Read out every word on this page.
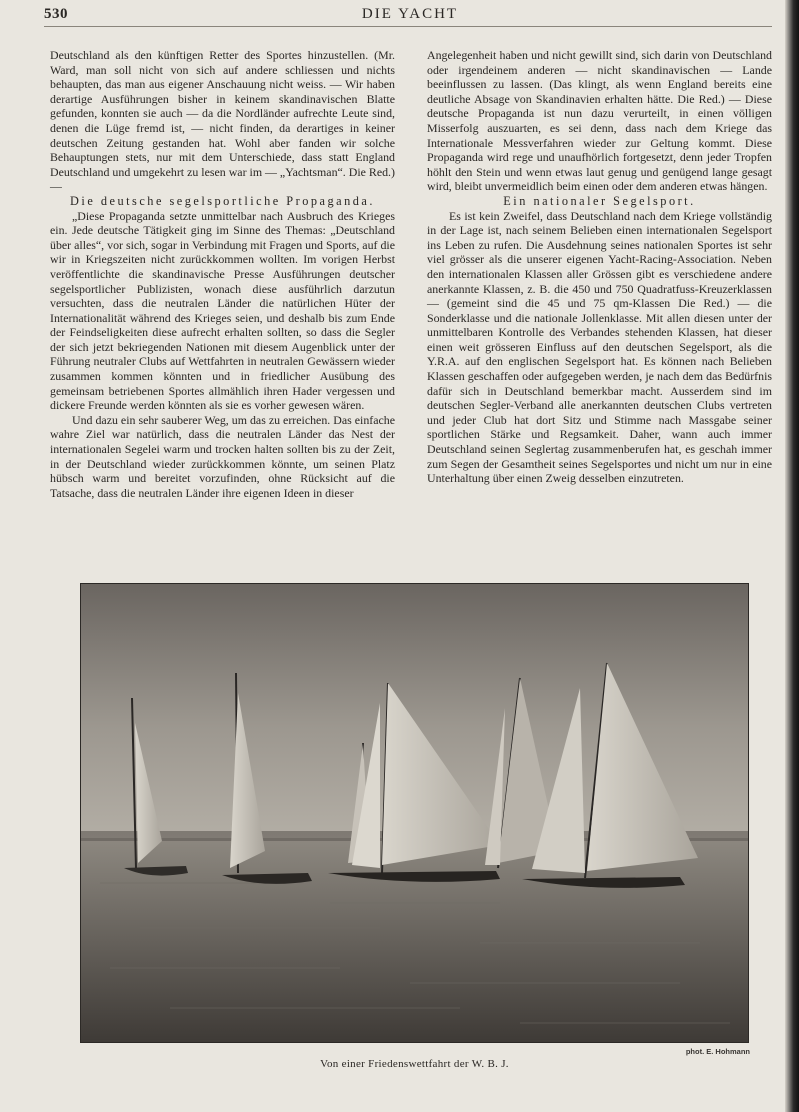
530	DIE YACHT

Deutschland als den künftigen Retter des Sportes hinzustellen. (Mr. Ward, man soll nicht von sich auf andere schliessen und nichts behaupten, das man aus eigener Anschauung nicht weiss. — Wir haben derartige Ausführungen bisher in keinem skandinavischen Blatte gefunden, konnten sie auch — da die Nordländer aufrechte Leute sind, denen die Lüge fremd ist, — nicht finden, da derartiges in keiner deutschen Zeitung gestanden hat. Wohl aber fanden wir solche Behauptungen stets, nur mit dem Unterschiede, dass statt England Deutschland und umgekehrt zu lesen war im — „Yachtsman“. Die Red.) —

Die deutsche segelsportliche Propaganda.

„Diese Propaganda setzte unmittelbar nach Ausbruch des Krieges ein. Jede deutsche Tätigkeit ging im Sinne des Themas: „Deutschland über alles“, vor sich, sogar in Verbindung mit Fragen und Sports, auf die wir in Kriegszeiten nicht zurückkommen wollten. Im vorigen Herbst veröffentlichte die skandinavische Presse Ausführungen deutscher segelsportlicher Publizisten, wonach diese ausführlich darzutun versuchten, dass die neutralen Länder die natürlichen Hüter der Internationalität während des Krieges seien, und deshalb bis zum Ende der Feindseligkeiten diese aufrecht erhalten sollten, so dass die Segler der sich jetzt bekriegenden Nationen mit diesem Augenblick unter der Führung neutraler Clubs auf Wettfahrten in neutralen Gewässern wieder zusammen kommen könnten und in friedlicher Ausübung des gemeinsam betriebenen Sportes allmählich ihren Hader vergessen und dickere Freunde werden könnten als sie es vorher gewesen wären.

Und dazu ein sehr sauberer Weg, um das zu erreichen. Das einfache wahre Ziel war natürlich, dass die neutralen Länder das Nest der internationalen Segelei warm und trocken halten sollten bis zu der Zeit, in der Deutschland wieder zurückkommen könnte, um seinen Platz hübsch warm und bereitet vorzufinden, ohne Rücksicht auf die Tatsache, dass die neutralen Länder ihre eigenen Ideen in dieser

Angelegenheit haben und nicht gewillt sind, sich darin von Deutschland oder irgendeinem anderen — nicht skandinavischen — Lande beeinflussen zu lassen. (Das klingt, als wenn England bereits eine deutliche Absage von Skandinavien erhalten hätte. Die Red.) — Diese deutsche Propaganda ist nun dazu verurteilt, in einen völligen Misserfolg auszuarten, es sei denn, dass nach dem Kriege das Internationale Messverfahren wieder zur Geltung kommt. Diese Propaganda wird rege und unaufhörlich fortgesetzt, denn jeder Tropfen höhlt den Stein und wenn etwas laut genug und genügend lange gesagt wird, bleibt unvermeidlich beim einen oder dem anderen etwas hängen.

Ein nationaler Segelsport.

Es ist kein Zweifel, dass Deutschland nach dem Kriege vollständig in der Lage ist, nach seinem Belieben einen internationalen Segelsport ins Leben zu rufen. Die Ausdehnung seines nationalen Sportes ist sehr viel grösser als die unserer eigenen Yacht-Racing-Association. Neben den internationalen Klassen aller Grössen gibt es verschiedene andere anerkannte Klassen, z. B. die 450 und 750 Quadratfuss-Kreuzerklassen — (gemeint sind die 45 und 75 qm-Klassen Die Red.) — die Sonderklasse und die nationale Jollenklasse. Mit allen diesen unter der unmittelbaren Kontrolle des Verbandes stehenden Klassen, hat dieser einen weit grösseren Einfluss auf den deutschen Segelsport, als die Y.R.A. auf den englischen Segelsport hat. Es können nach Belieben Klassen geschaffen oder aufgegeben werden, je nach dem das Bedürfnis dafür sich in Deutschland bemerkbar macht. Ausserdem sind im deutschen Segler-Verband alle anerkannten deutschen Clubs vertreten und jeder Club hat dort Sitz und Stimme nach Massgabe seiner sportlichen Stärke und Regsamkeit. Daher, wann auch immer Deutschland seinen Seglertag zusammenberufen hat, es geschah immer zum Segen der Gesamtheit seines Segelsportes und nicht um nur in eine Unterhaltung über einen Zweig desselben einzutreten.

phot. E. Hohmann
Von einer Friedenswettfahrt der W. B. J.
